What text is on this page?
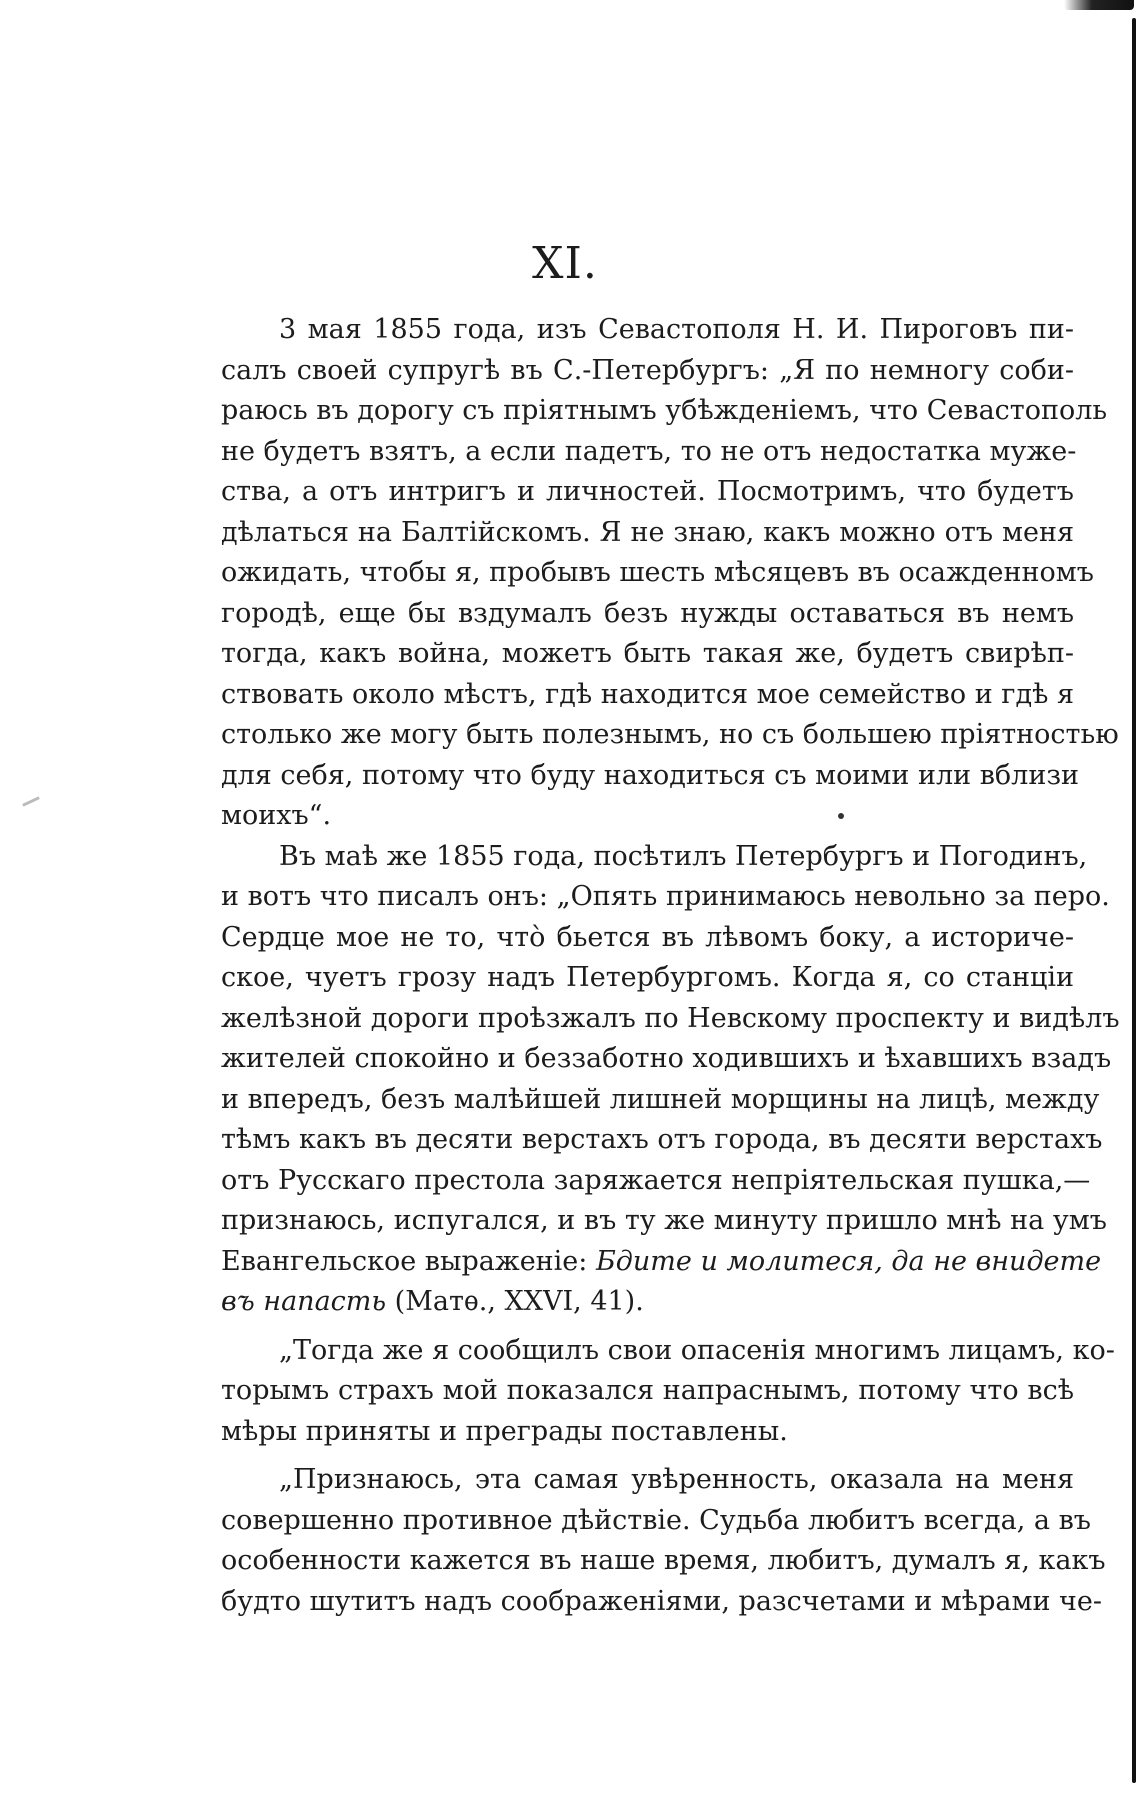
XI.
3 мая 1855 года, изъ Севастополя Н. И. Пироговъ пи-
салъ своей супругѣ въ С.-Петербургъ: „Я по немногу соби-
раюсь въ дорогу съ пріятнымъ убѣжденіемъ, что Севастополь
не будетъ взятъ, а если падетъ, то не отъ недостатка муже-
ства, а отъ интригъ и личностей. Посмотримъ, что будетъ
дѣлаться на Балтійскомъ. Я не знаю, какъ можно отъ меня
ожидать, чтобы я, пробывъ шесть мѣсяцевъ въ осажденномъ
городѣ, еще бы вздумалъ безъ нужды оставаться въ немъ
тогда, какъ война, можетъ быть такая же, будетъ свирѣп-
ствовать около мѣстъ, гдѣ находится мое семейство и гдѣ я
столько же могу быть полезнымъ, но съ большею пріятностью
для себя, потому что буду находиться съ моими или вблизи
моихъ“.
Въ маѣ же 1855 года, посѣтилъ Петербургъ и Погодинъ,
и вотъ что писалъ онъ: „Опять принимаюсь невольно за перо.
Сердце мое не то, что̀ бьется въ лѣвомъ боку, а историче-
ское, чуетъ грозу надъ Петербургомъ. Когда я, со станціи
желѣзной дороги проѣзжалъ по Невскому проспекту и видѣлъ
жителей спокойно и беззаботно ходившихъ и ѣхавшихъ взадъ
и впередъ, безъ малѣйшей лишней морщины на лицѣ, между
тѣмъ какъ въ десяти верстахъ отъ города, въ десяти верстахъ
отъ Русскаго престола заряжается непріятельская пушка,—
признаюсь, испугался, и въ ту же минуту пришло мнѣ на умъ
Евангельское выраженіе: Бдите и молитеся, да не внидете
въ напасть (Матѳ., XXVI, 41).
„Тогда же я сообщилъ свои опасенія многимъ лицамъ, ко-
торымъ страхъ мой показался напраснымъ, потому что всѣ
мѣры приняты и преграды поставлены.
„Признаюсь, эта самая увѣренность, оказала на меня
совершенно противное дѣйствіе. Судьба любитъ всегда, а въ
особенности кажется въ наше время, любитъ, думалъ я, какъ
будто шутитъ надъ соображеніями, разсчетами и мѣрами че-
